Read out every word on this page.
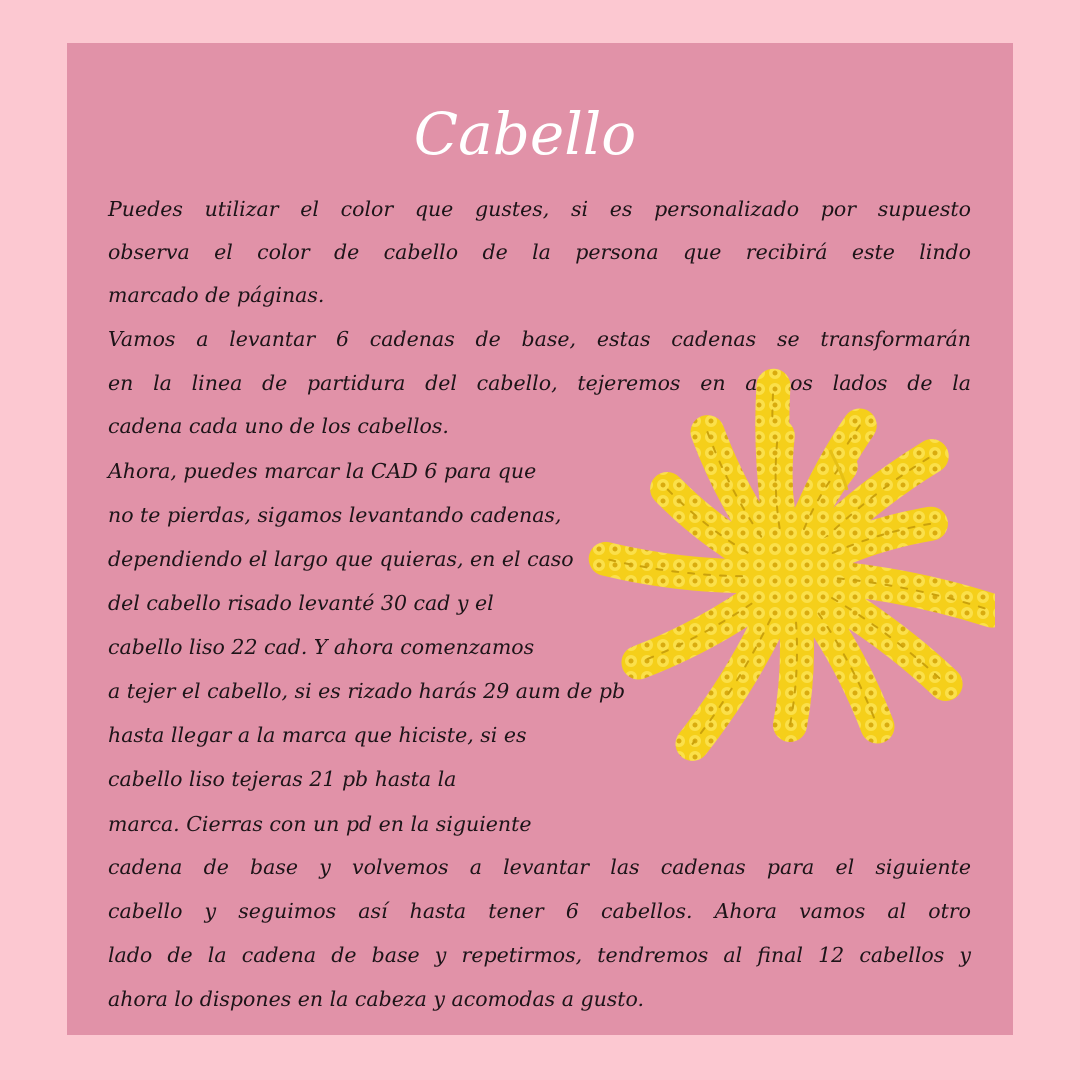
Cabello
Puedes utilizar el color que gustes, si es personalizado por supuesto
observa el color de cabello de la persona que recibirá este lindo
marcado de páginas.
Vamos a levantar 6 cadenas de base, estas cadenas se transformarán
en la linea de partidura del cabello, tejeremos en ambos lados de la
cadena cada uno de los cabellos.
Ahora, puedes marcar la CAD 6 para que
no te pierdas, sigamos levantando cadenas,
dependiendo el largo que quieras, en el caso
del cabello risado levanté 30 cad y el
cabello liso 22 cad. Y ahora comenzamos
a tejer el cabello, si es rizado harás 29 aum de pb
hasta llegar a la marca que hiciste, si es
cabello liso tejeras 21 pb hasta la
marca. Cierras con un pd en la siguiente
cadena de base y volvemos a levantar las cadenas para el siguiente
cabello y seguimos así hasta tener 6 cabellos. Ahora vamos al otro
lado de la cadena de base y repetirmos, tendremos al final 12 cabellos y
ahora lo dispones en la cabeza y acomodas a gusto.
